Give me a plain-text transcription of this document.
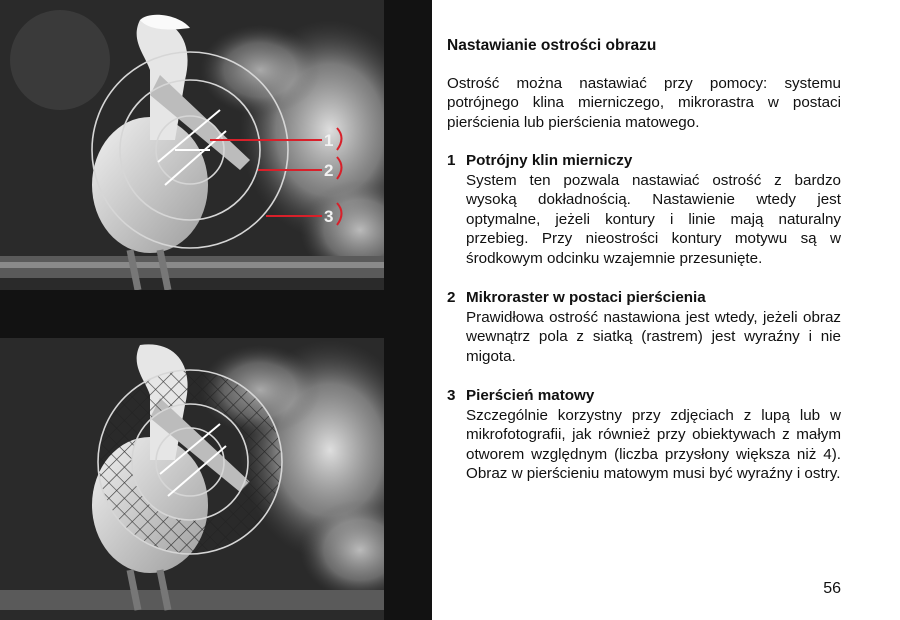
1
2
3
Nastawianie ostrości obrazu

Ostrość można nastawiać przy pomocy: systemu potrójnego klina mierniczego, mikrorastra w postaci pierścienia lub pierścienia matowego.

1 Potrójny klin mierniczy
System ten pozwala nastawiać ostrość z bardzo wysoką dokładnością. Nastawienie wtedy jest optymalne, jeżeli kontury i linie mają naturalny przebieg. Przy nieostrości kontury motywu są w środkowym odcinku wzajemnie przesunięte.
2 Mikroraster w postaci pierścienia
Prawidłowa ostrość nastawiona jest wtedy, jeżeli obraz wewnątrz pola z siatką (rastrem) jest wyraźny i nie migota.
3 Pierścień matowy
Szczególnie korzystny przy zdjęciach z lupą lub w mikrofotografii, jak również przy obiektywach z małym otworem względnym (liczba przysłony większa niż 4). Obraz w pierścieniu matowym musi być wyraźny i ostry.
56
